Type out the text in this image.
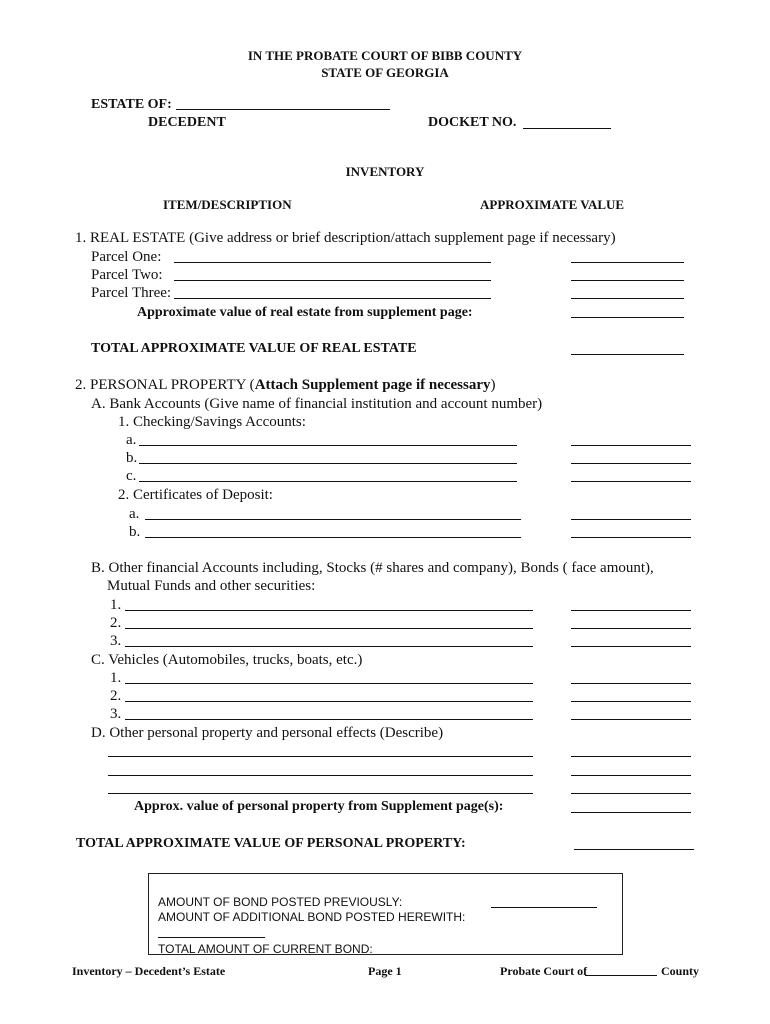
IN THE PROBATE COURT OF BIBB COUNTY
STATE OF GEORGIA
ESTATE OF:
DECEDENT	DOCKET NO.
INVENTORY
ITEM/DESCRIPTION	APPROXIMATE VALUE
1. REAL ESTATE (Give address or brief description/attach supplement page if necessary)
Parcel One:
Parcel Two:
Parcel Three:
Approximate value of real estate from supplement page:
TOTAL APPROXIMATE VALUE OF REAL ESTATE
2. PERSONAL PROPERTY (Attach Supplement page if necessary)
A. Bank Accounts (Give name of financial institution and account number)
1. Checking/Savings Accounts:
a.
b.
c.
2. Certificates of Deposit:
a.
b.
B. Other financial Accounts including, Stocks (# shares and company), Bonds ( face amount),
Mutual Funds and other securities:
1.
2.
3.
C. Vehicles (Automobiles, trucks, boats, etc.)
1.
2.
3.
D. Other personal property and personal effects (Describe)
Approx. value of personal property from Supplement page(s):
TOTAL APPROXIMATE VALUE OF PERSONAL PROPERTY:
AMOUNT OF BOND POSTED PREVIOUSLY:
AMOUNT OF ADDITIONAL BOND POSTED HEREWITH:
TOTAL AMOUNT OF CURRENT BOND:
Inventory – Decedent’s Estate	Page 1	Probate Court of	County
